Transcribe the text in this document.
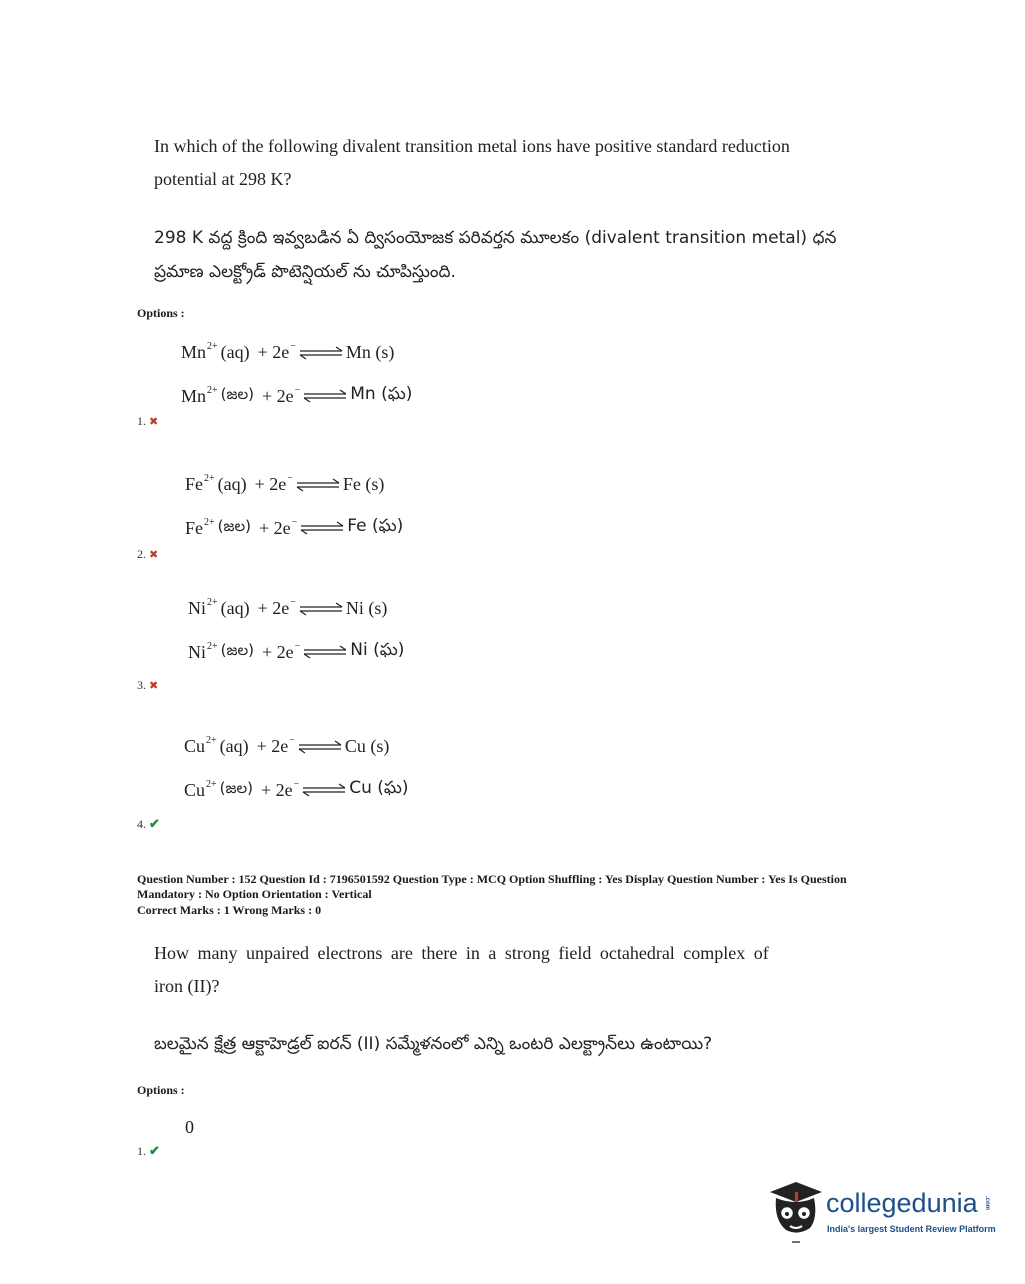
In which of the following divalent transition metal ions have positive standard reduction
potential at 298 K?
298 K వద్ద క్రింది ఇవ్వబడిన ఏ ద్విసంయోజక పరివర్తన మూలకం (divalent transition metal) ధన
ప్రమాణ ఎలక్ట్రోడ్ పొటెన్షియల్ ను చూపిస్తుంది.
Options :
$Mn^{2+}$ (aq) + 2e−	Mn (s)
$Mn^{2+}$ (జల) + 2e−	Mn (ఘ)
1. ✖
$Fe^{2+}$ (aq) + 2e−	Fe (s)
$Fe^{2+}$ (జల) + 2e−	Fe (ఘ)
2. ✖
$Ni^{2+}$ (aq) + 2e−	Ni (s)
$Ni^{2+}$ (జల) + 2e−	Ni (ఘ)
3. ✖
$Cu^{2+}$ (aq) + 2e−	Cu (s)
$Cu^{2+}$ (జల) + 2e−	Cu (ఘ)
4. ✔
Question Number : 152 Question Id : 7196501592 Question Type : MCQ Option Shuffling : Yes Display Question Number : Yes Is Question
Mandatory : No Option Orientation : Vertical
Correct Marks : 1 Wrong Marks : 0
How many unpaired electrons are there in a strong field octahedral complex of
iron (II)?
బలమైన క్షేత్ర ఆక్టాహెడ్రల్ ఐరన్ (II) సమ్మేళనంలో ఎన్ని ఒంటరి ఎలక్ట్రాన్‌లు ఉంటాయి?
Options :
0
1. ✔
collegedunia .com
India's largest Student Review Platform
